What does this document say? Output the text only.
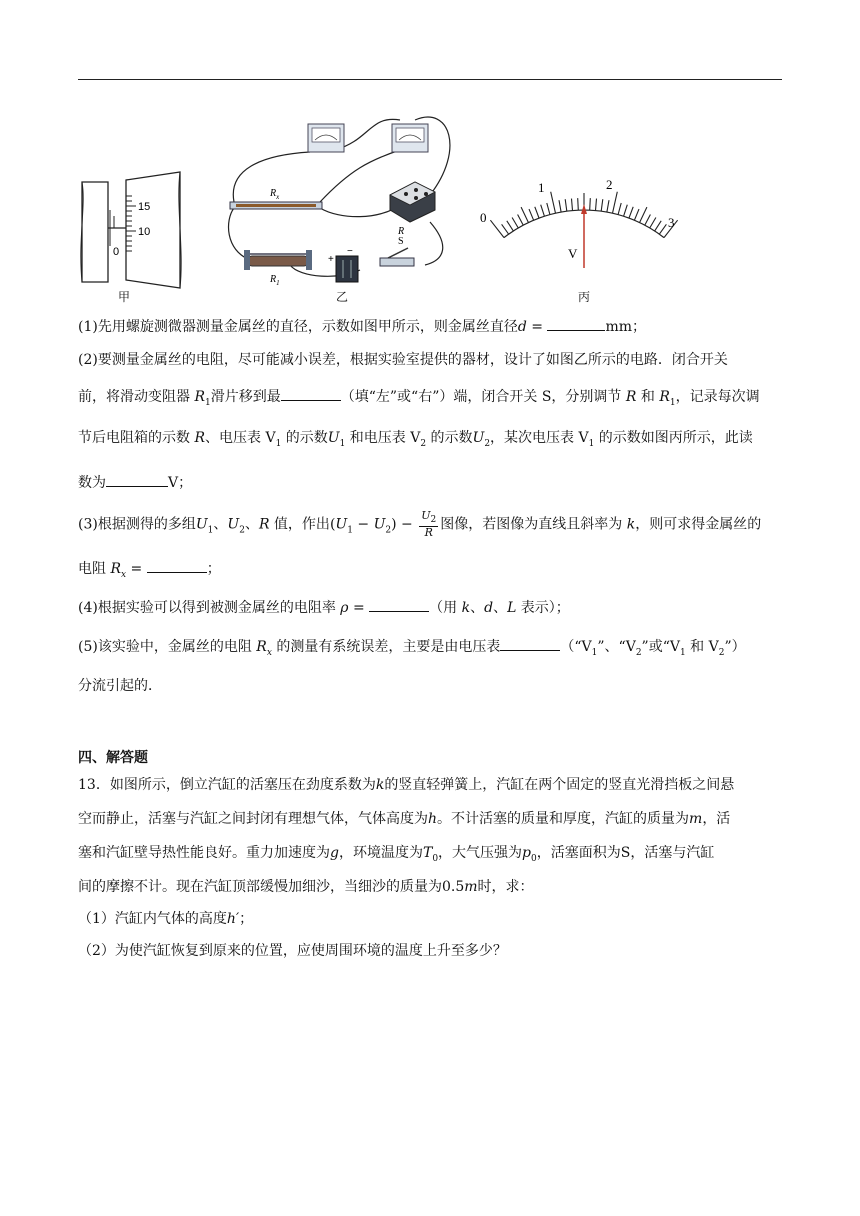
15
10
0
甲
$R_x$
R
$R_1$
+
−
S
乙
0
1	2
3
V
丙
(1)先用螺旋测微器测量金属丝的直径，示数如图甲所示，则金属丝直径d =	mm；
(2)要测量金属丝的电阻，尽可能减小误差，根据实验室提供的器材，设计了如图乙所示的电路．闭合开关
前，将滑动变阻器 $R_1$滑片移到最	（填“左”或“右”）端，闭合开关 S，分别调节 R 和 $R_1$，记录每次调
节后电阻箱的示数 R、电压表 $V_1$ 的示数$U_1$ 和电压表 $V_2$ 的示数$U_2$，某次电压表 $V_1$ 的示数如图丙所示，此读
数为	V；
(3)根据测得的多组$U_1$、$U_2$、R 值，作出$(U_1 - U_2) - \frac{U_2}{R}$ 图像，若图像为直线且斜率为 k，则可求得金属丝的
电阻 $R_x$ =	；
(4)根据实验可以得到被测金属丝的电阻率 ρ =	（用 k、d、L 表示）；
(5)该实验中，金属丝的电阻 $R_x$ 的测量有系统误差，主要是由电压表	（“$V_1$”、“$V_2$”或“$V_1$ 和 $V_2$”）
分流引起的．
四、解答题
13．如图所示，倒立汽缸的活塞压在劲度系数为k的竖直轻弹簧上，汽缸在两个固定的竖直光滑挡板之间悬
空而静止，活塞与汽缸之间封闭有理想气体，气体高度为h。不计活塞的质量和厚度，汽缸的质量为m，活
塞和汽缸壁导热性能良好。重力加速度为g，环境温度为$T_0$，大气压强为$p_0$，活塞面积为S，活塞与汽缸
间的摩擦不计。现在汽缸顶部缓慢加细沙，当细沙的质量为0.5m时，求：
（1）汽缸内气体的高度h′；
（2）为使汽缸恢复到原来的位置，应使周围环境的温度上升至多少？
